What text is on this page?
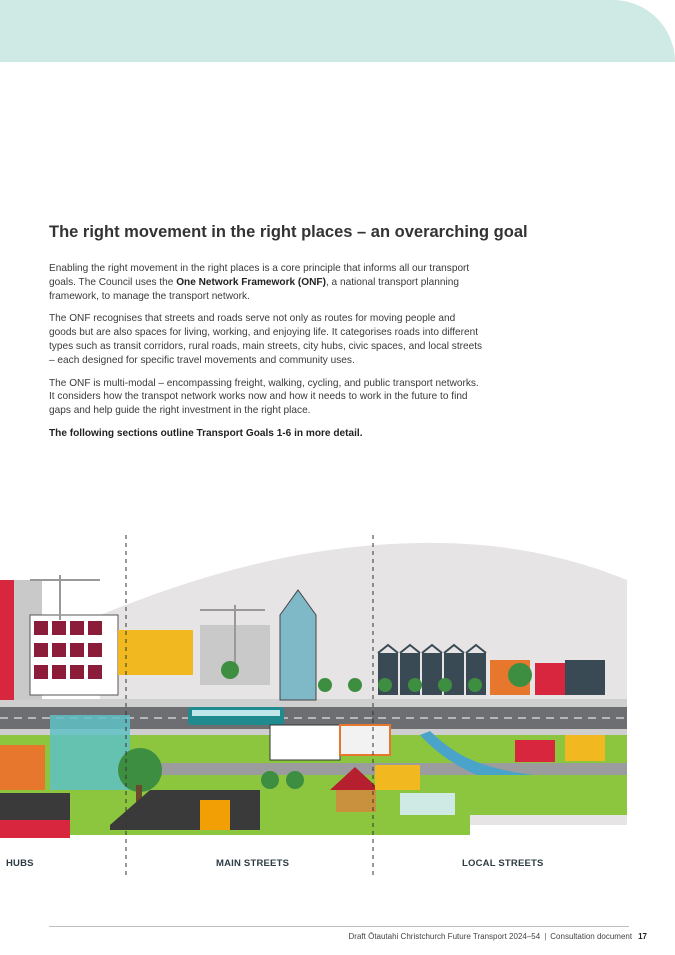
The right movement in the right places – an overarching goal

Enabling the right movement in the right places is a core principle that informs all our transport goals. The Council uses the One Network Framework (ONF), a national transport planning framework, to manage the transport network.

The ONF recognises that streets and roads serve not only as routes for moving people and goods but are also spaces for living, working, and enjoying life. It categorises roads into different types such as transit corridors, rural roads, main streets, city hubs, civic spaces, and local streets – each designed for specific travel movements and community uses.

The ONF is multi-modal – encompassing freight, walking, cycling, and public transport networks. It considers how the transpot network works now and how it needs to work in the future to find gaps and help guide the right investment in the right place.

The following sections outline Transport Goals 1-6 in more detail.

HUBS	MAIN STREETS	LOCAL STREETS
Draft Ōtautahi Christchurch Future Transport 2024–54 | Consultation document 17
